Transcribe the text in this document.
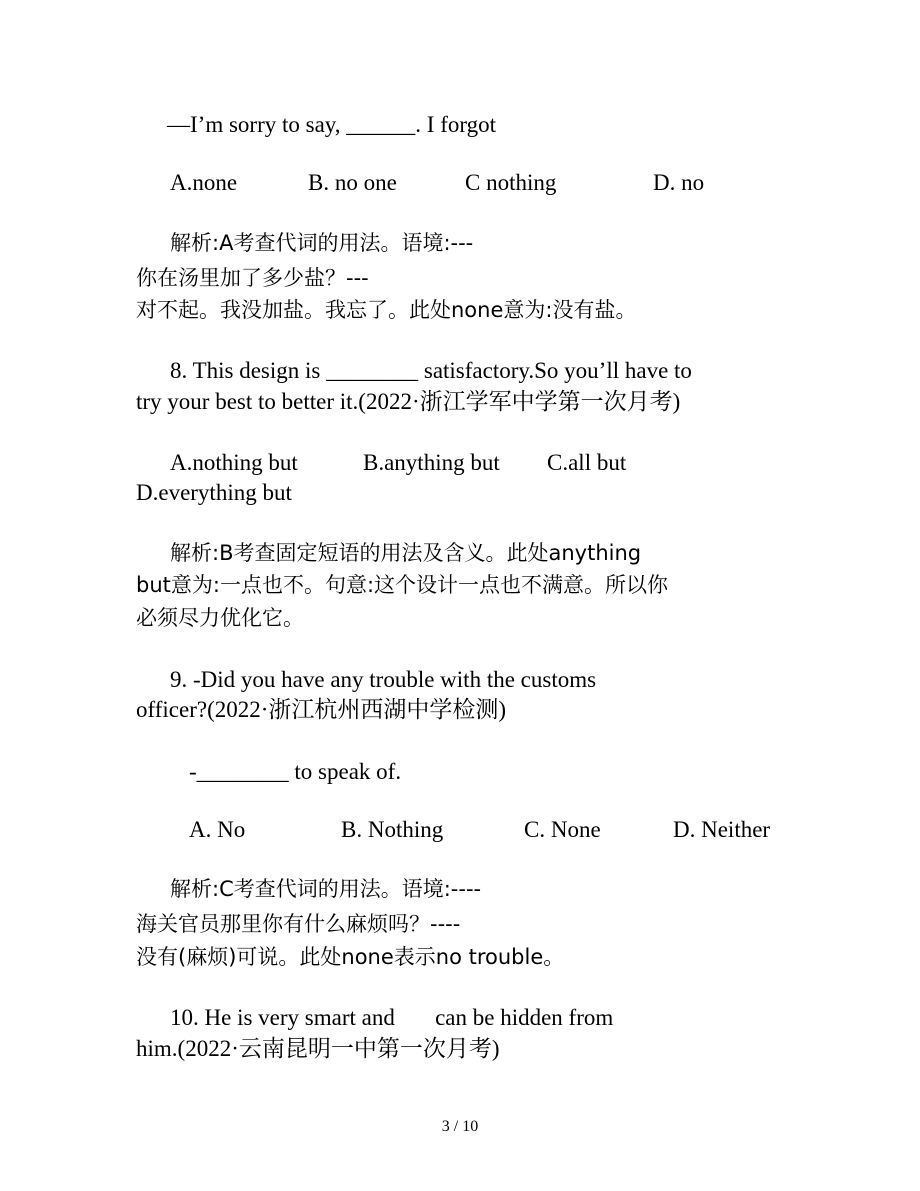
—I’m sorry to say, ______. I forgot
A.none	B. no one	C nothing	D. no
解析:A考查代词的用法。语境:---
你在汤里加了多少盐？---
对不起。我没加盐。我忘了。此处none意为:没有盐。
8. This design is ________ satisfactory.So you’ll have to
try your best to better it.(2022·浙江学军中学第一次月考)
A.nothing but	B.anything but C.all but
D.everything but
解析:B考查固定短语的用法及含义。此处anything
but意为:一点也不。句意:这个设计一点也不满意。所以你
必须尽力优化它。
9. -Did you have any trouble with the customs
officer?(2022·浙江杭州西湖中学检测)
-________ to speak of.
A. No	B. Nothing	C. None	D. Neither
解析:C考查代词的用法。语境:----
海关官员那里你有什么麻烦吗？----
没有(麻烦)可说。此处none表示no trouble。
10. He is very smart and       can be hidden from
him.(2022·云南昆明一中第一次月考)
3 / 10
